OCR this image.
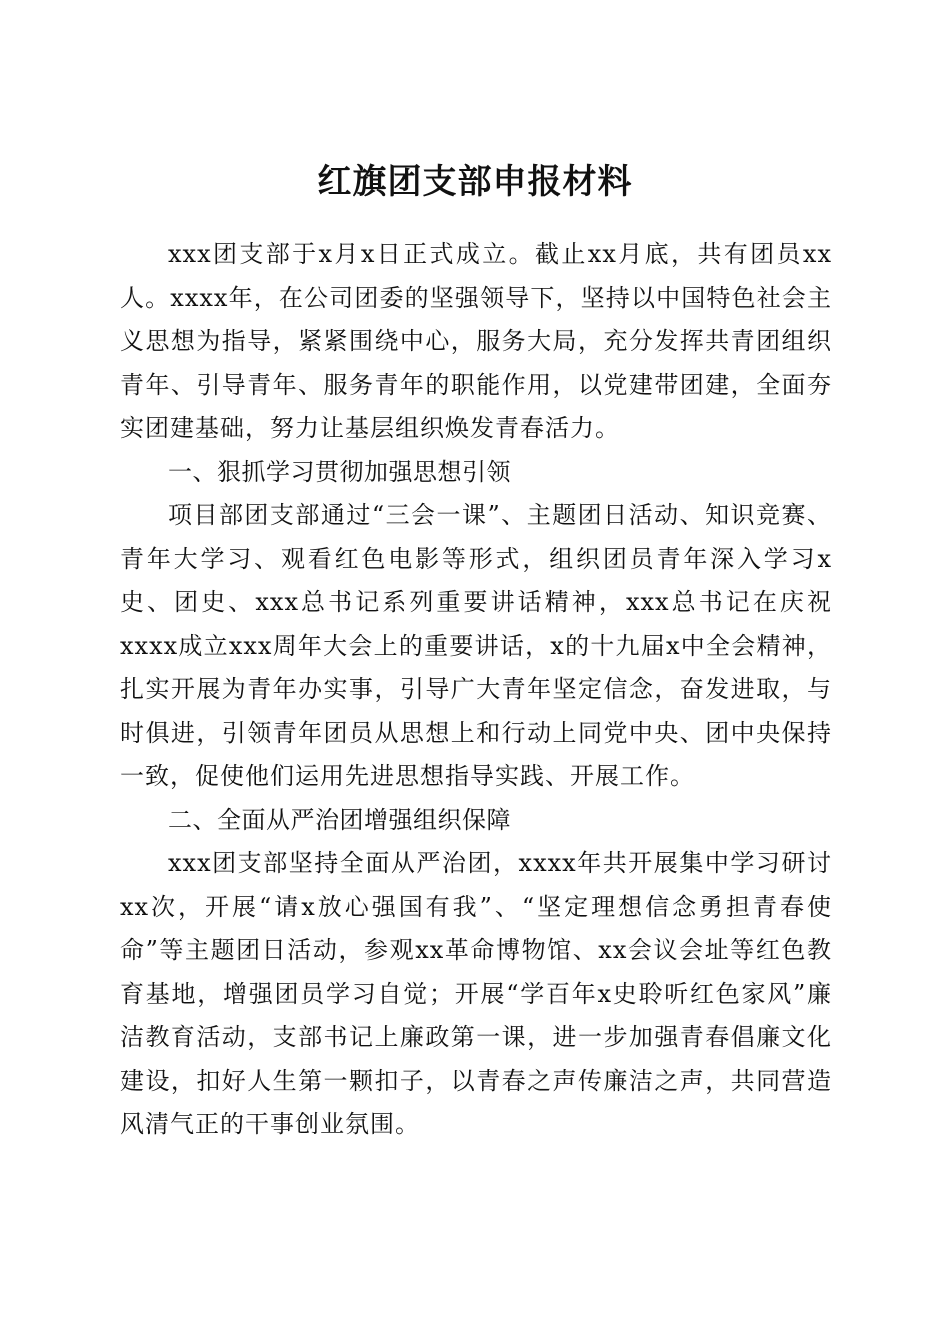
红旗团支部申报材料

xxx团支部于x月x日正式成立。截止xx月底，共有团员xx人。xxxx年，在公司团委的坚强领导下，坚持以中国特色社会主义思想为指导，紧紧围绕中心，服务大局，充分发挥共青团组织青年、引导青年、服务青年的职能作用，以党建带团建，全面夯实团建基础，努力让基层组织焕发青春活力。

一、狠抓学习贯彻加强思想引领

项目部团支部通过“三会一课”、主题团日活动、知识竞赛、青年大学习、观看红色电影等形式，组织团员青年深入学习x史、团史、xxx总书记系列重要讲话精神，xxx总书记在庆祝xxxx成立xxx周年大会上的重要讲话，x的十九届x中全会精神，扎实开展为青年办实事，引导广大青年坚定信念，奋发进取，与时俱进，引领青年团员从思想上和行动上同党中央、团中央保持一致，促使他们运用先进思想指导实践、开展工作。

二、全面从严治团增强组织保障

xxx团支部坚持全面从严治团，xxxx年共开展集中学习研讨xx次，开展“请x放心强国有我”、“坚定理想信念勇担青春使命”等主题团日活动，参观xx革命博物馆、xx会议会址等红色教育基地，增强团员学习自觉；开展“学百年x史聆听红色家风”廉洁教育活动，支部书记上廉政第一课，进一步加强青春倡廉文化建设，扣好人生第一颗扣子，以青春之声传廉洁之声，共同营造风清气正的干事创业氛围。
